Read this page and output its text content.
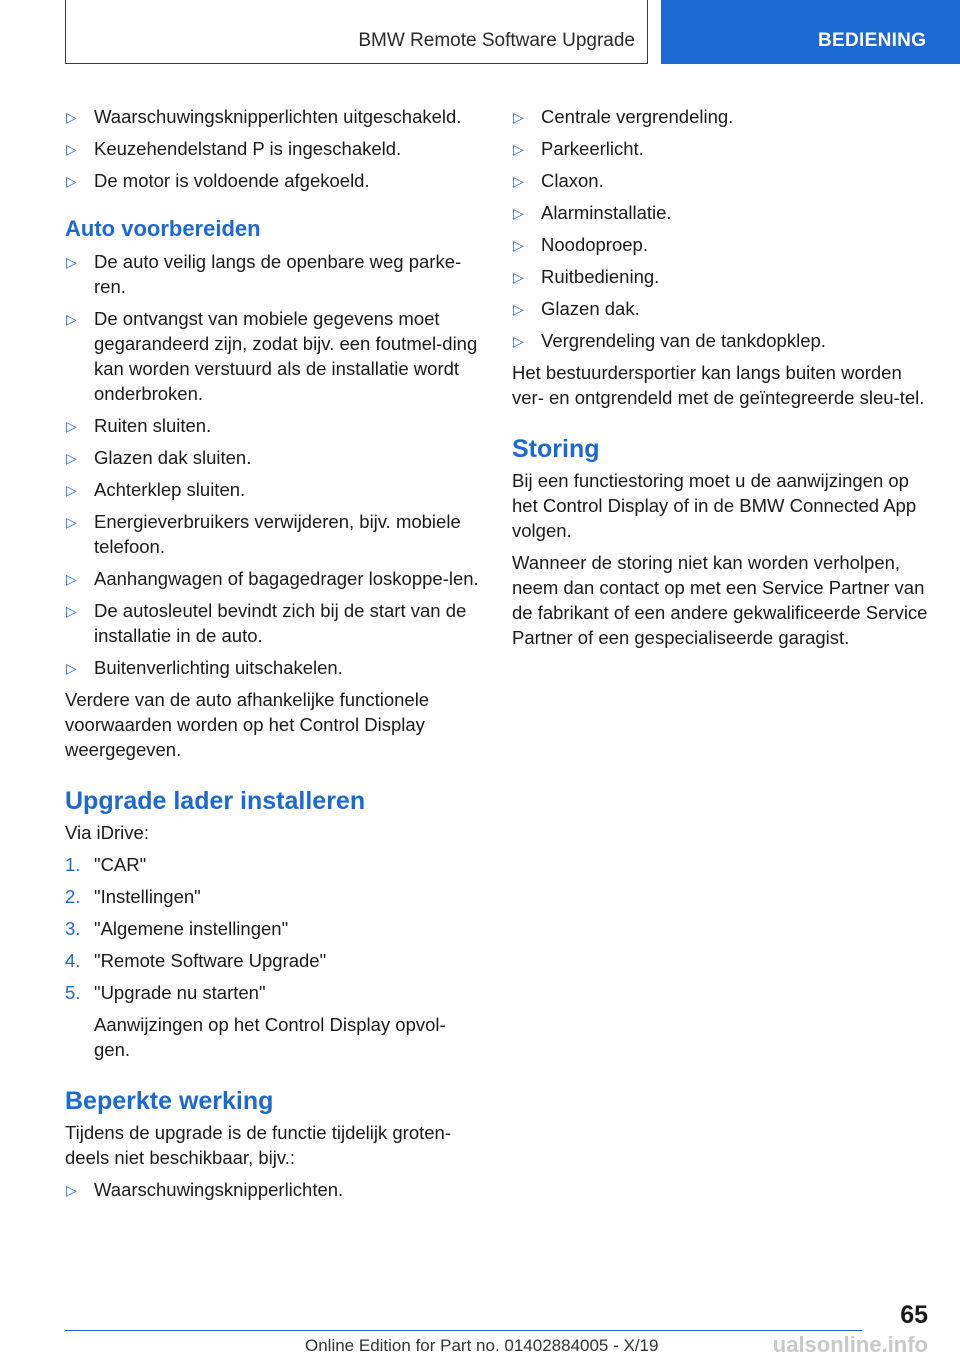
BMW Remote Software Upgrade	BEDIENING
▷ Waarschuwingsknipperlichten uitgeschakeld.
▷ Keuzehendelstand P is ingeschakeld.
▷ De motor is voldoende afgekoeld.
Auto voorbereiden
▷ De auto veilig langs de openbare weg parke-ren.
▷ De ontvangst van mobiele gegevens moet gegarandeerd zijn, zodat bijv. een foutmel-ding kan worden verstuurd als de installatie wordt onderbroken.
▷ Ruiten sluiten.
▷ Glazen dak sluiten.
▷ Achterklep sluiten.
▷ Energieverbruikers verwijderen, bijv. mobiele telefoon.
▷ Aanhangwagen of bagagedrager loskoppe-len.
▷ De autosleutel bevindt zich bij de start van de installatie in de auto.
▷ Buitenverlichting uitschakelen.

Verdere van de auto afhankelijke functionele voorwaarden worden op het Control Display weergegeven.

Upgrade lader installeren

Via iDrive:

1. "CAR"
2. "Instellingen"
3. "Algemene instellingen"
4. "Remote Software Upgrade"
5. "Upgrade nu starten"
Aanwijzingen op het Control Display opvol-gen.
Beperkte werking

Tijdens de upgrade is de functie tijdelijk groten-deels niet beschikbaar, bijv.:

▷ Waarschuwingsknipperlichten.
▷ Centrale vergrendeling.
▷ Parkeerlicht.
▷ Claxon.
▷ Alarminstallatie.
▷ Noodoproep.
▷ Ruitbediening.
▷ Glazen dak.
▷ Vergrendeling van de tankdopklep.

Het bestuurdersportier kan langs buiten worden ver- en ontgrendeld met de geïntegreerde sleu-tel.

Storing

Bij een functiestoring moet u de aanwijzingen op het Control Display of in de BMW Connected App volgen.

Wanneer de storing niet kan worden verholpen, neem dan contact op met een Service Partner van de fabrikant of een andere gekwalificeerde Service Partner of een gespecialiseerde garagist.

65
Online Edition for Part no. 01402884005 - X/19	ualsonline.info
